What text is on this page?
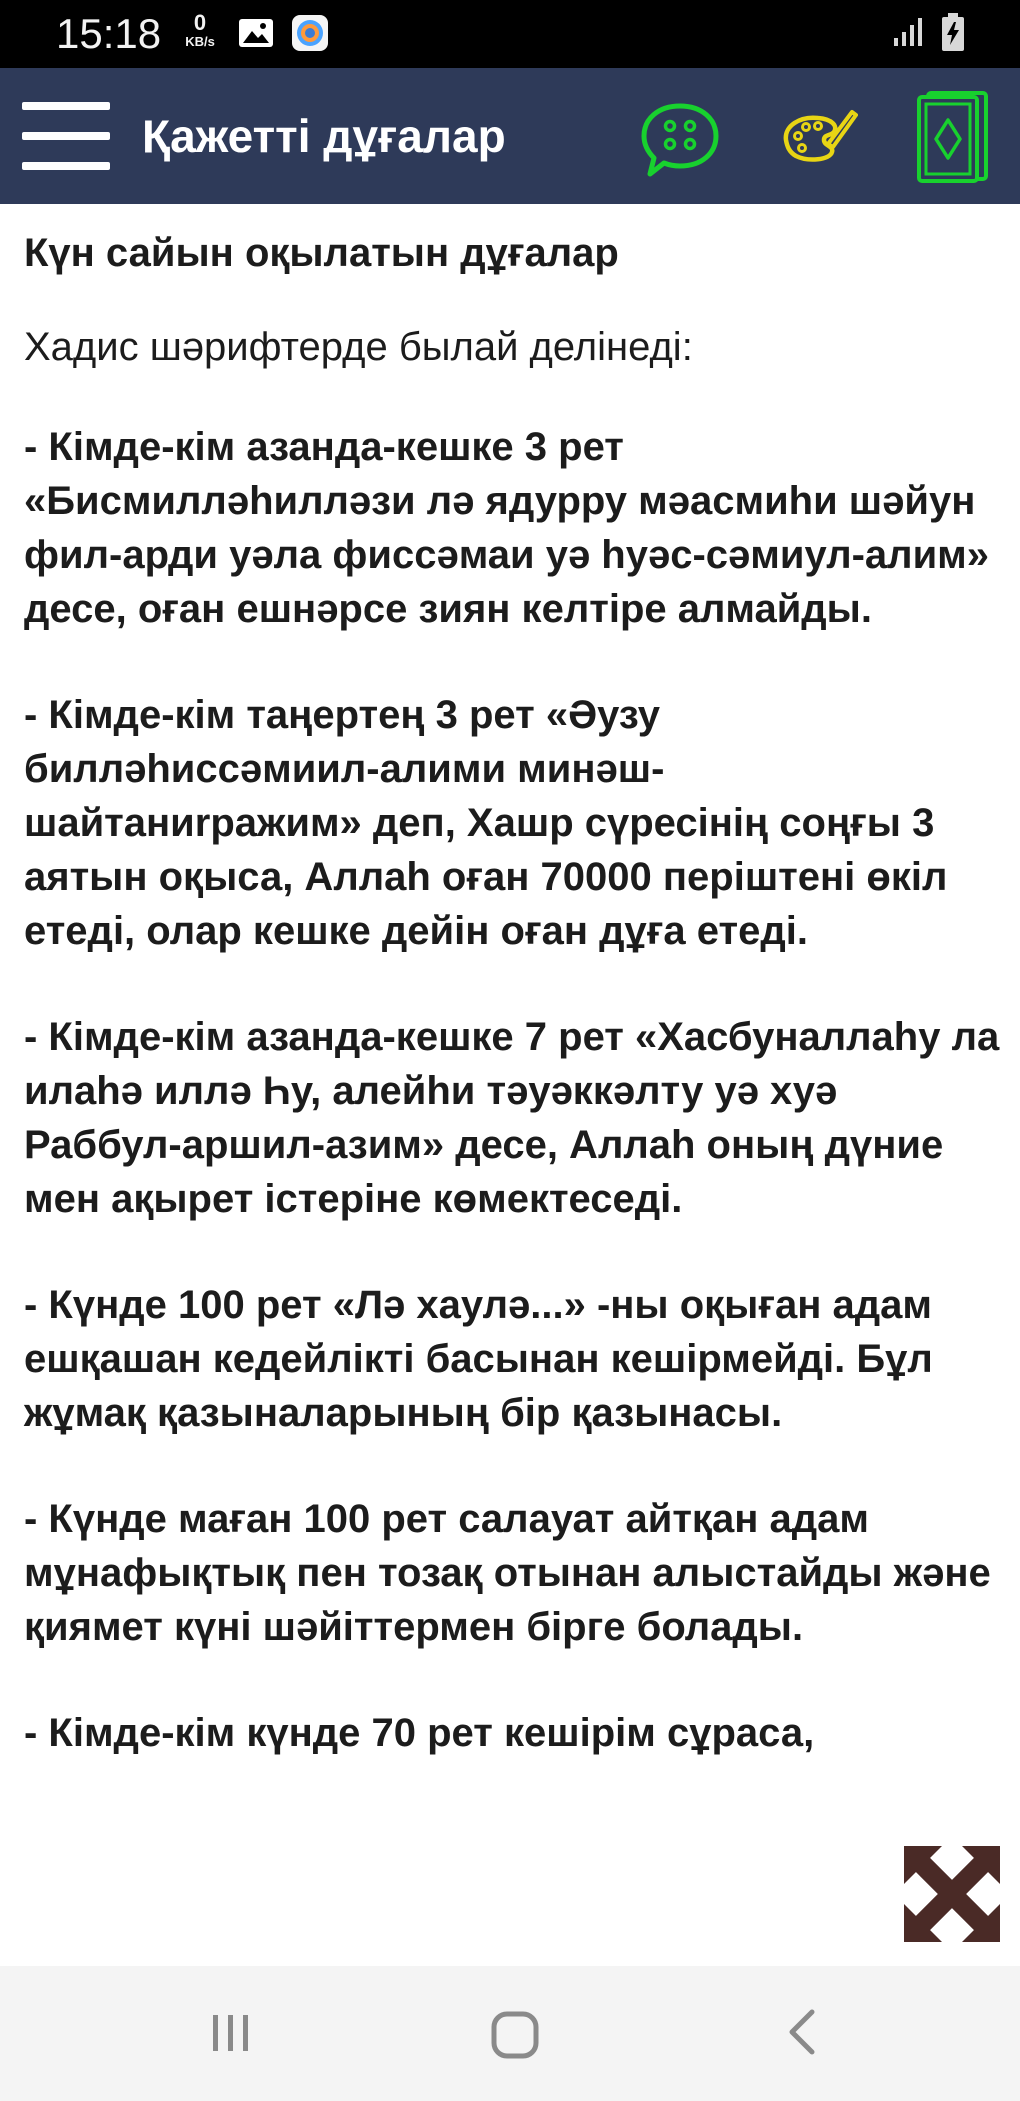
15:18	0
KB/s
Қажетті дұғалар
Күн сайын оқылатын дұғалар
Хадис шәрифтерде былай делінеді:

- Кімде-кім азанда-кешке 3 рет «Бисмилләһилләзи лә ядурру мәасмиһи шәйун фил-арди уәла фиссәмаи уә һуәс-сәмиул-алим» десе, оған ешнәрсе зиян келтіре алмайды.

- Кімде-кім таңертең 3 рет «Әузу билләһиссәмиил-алими минәш-шайтаниrражим» деп, Хашр сүресінің соңғы 3 аятын оқыса, Аллаһ оған 70000 періштені өкіл етеді, олар кешке дейін оған дұға етеді.

- Кімде-кім азанда-кешке 7 рет «Хасбуналлаһу ла илаһә иллә Һу, алейһи тәуәккәлту уә хуә Раббул-аршил-азим» десе, Аллаһ оның дүние мен ақырет істеріне көмектеседі.

- Күнде 100 рет «Лә хаулә...» -ны оқыған адам ешқашан кедейлікті басынан кешірмейді. Бұл жұмақ қазыналарының бір қазынасы.

- Күнде маған 100 рет салауат айтқан адам мұнафықтық пен тозақ отынан алыстайды және қиямет күні шәйіттермен бірге болады.

- Кімде-кім күнде 70 рет кешірім сұраса,
